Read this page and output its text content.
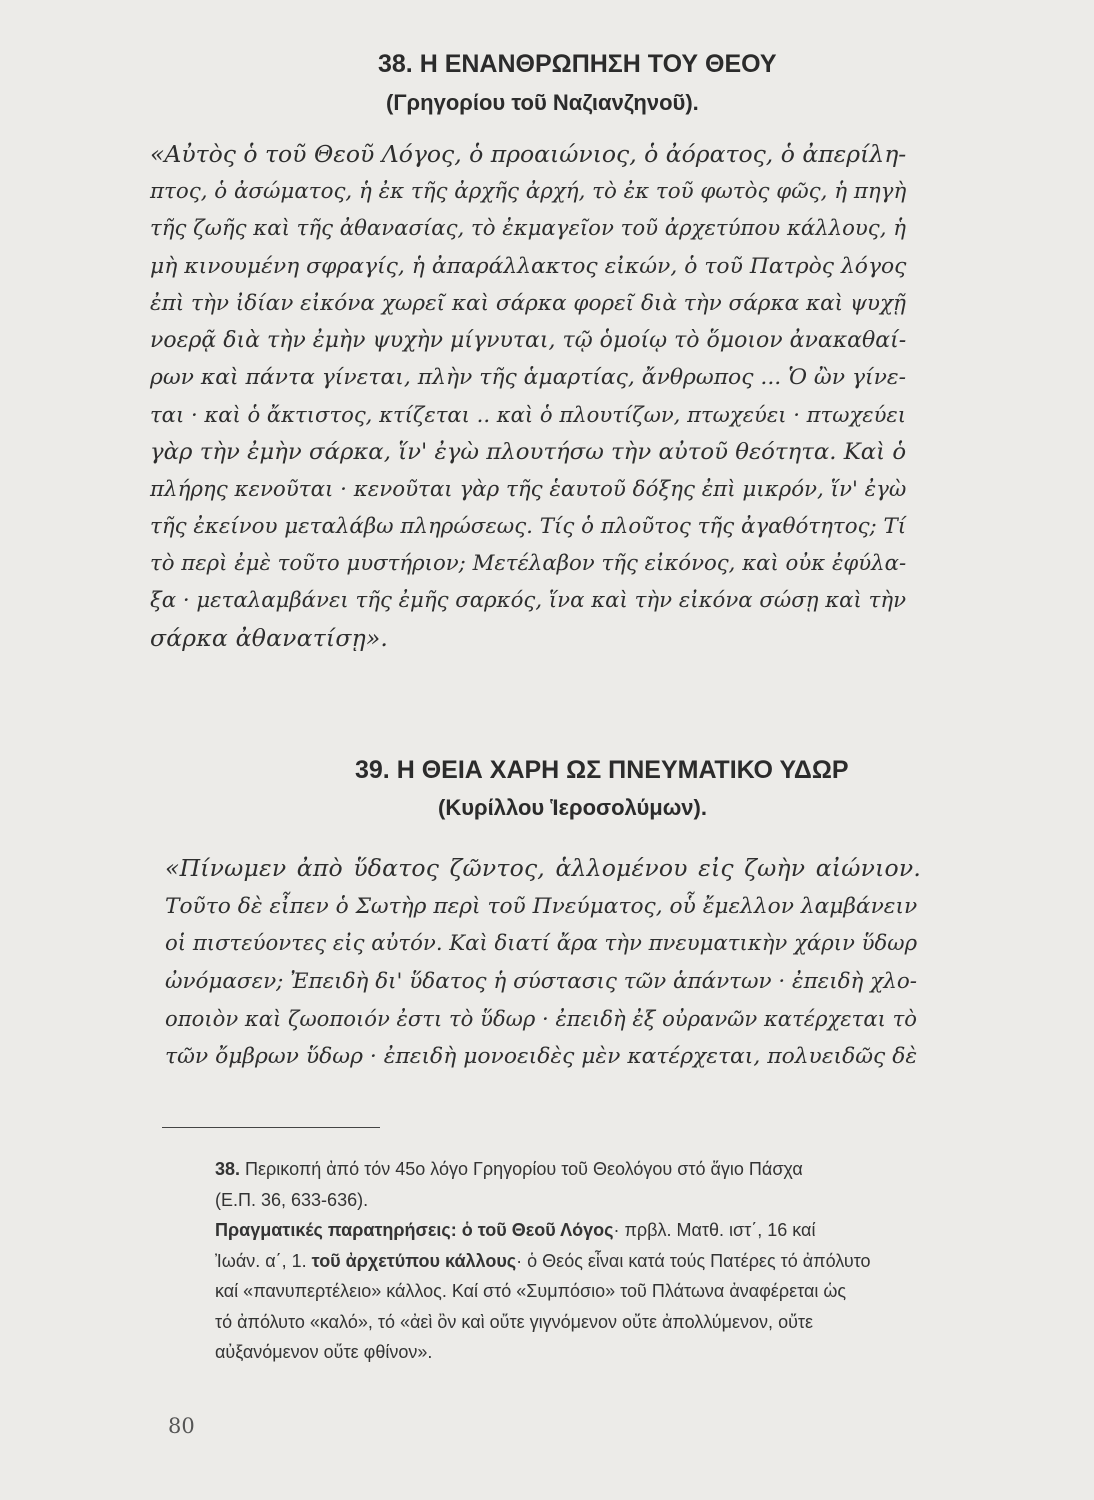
38. Η ΕΝΑΝΘΡΩΠΗΣΗ ΤΟΥ ΘΕΟΥ
(Γρηγορίου τοῦ Ναζιανζηνοῦ).
«Αὐτὸς ὁ τοῦ Θεοῦ Λόγος, ὁ προαιώνιος, ὁ ἀόρατος, ὁ ἀπερίλη-
πτος, ὁ ἀσώματος, ἡ ἐκ τῆς ἀρχῆς ἀρχή, τὸ ἐκ τοῦ φωτὸς φῶς, ἡ πηγὴ
τῆς ζωῆς καὶ τῆς ἀθανασίας, τὸ ἐκμαγεῖον τοῦ ἀρχετύπου κάλλους, ἡ
μὴ κινουμένη σφραγίς, ἡ ἀπαράλλακτος εἰκών, ὁ τοῦ Πατρὸς λόγος
ἐπὶ τὴν ἰδίαν εἰκόνα χωρεῖ καὶ σάρκα φορεῖ διὰ τὴν σάρκα καὶ ψυχῇ
νοερᾷ διὰ τὴν ἐμὴν ψυχὴν μίγνυται, τῷ ὁμοίῳ τὸ ὅμοιον ἀνακαθαί-
ρων καὶ πάντα γίνεται, πλὴν τῆς ἁμαρτίας, ἄνθρωπος ... Ὁ ὢν γίνε-
ται · καὶ ὁ ἄκτιστος, κτίζεται .. καὶ ὁ πλουτίζων, πτωχεύει · πτωχεύει
γὰρ τὴν ἐμὴν σάρκα, ἵν' ἐγὼ πλουτήσω τὴν αὐτοῦ θεότητα. Καὶ ὁ
πλήρης κενοῦται · κενοῦται γὰρ τῆς ἑαυτοῦ δόξης ἐπὶ μικρόν, ἵν' ἐγὼ
τῆς ἐκείνου μεταλάβω πληρώσεως. Τίς ὁ πλοῦτος τῆς ἀγαθότητος; Τί
τὸ περὶ ἐμὲ τοῦτο μυστήριον; Μετέλαβον τῆς εἰκόνος, καὶ οὐκ ἐφύλα-
ξα · μεταλαμβάνει τῆς ἐμῆς σαρκός, ἵνα καὶ τὴν εἰκόνα σώσῃ καὶ τὴν
σάρκα ἀθανατίσῃ».
39. Η ΘΕΙΑ ΧΑΡΗ ΩΣ ΠΝΕΥΜΑΤΙΚΟ ΥΔΩΡ
(Κυρίλλου Ἱεροσολύμων).
«Πίνωμεν ἀπὸ ὕδατος ζῶντος, ἁλλομένου εἰς ζωὴν αἰώνιον.
Τοῦτο δὲ εἶπεν ὁ Σωτὴρ περὶ τοῦ Πνεύματος, οὗ ἔμελλον λαμβάνειν
οἱ πιστεύοντες εἰς αὐτόν. Καὶ διατί ἄρα τὴν πνευματικὴν χάριν ὕδωρ
ὠνόμασεν; Ἐπειδὴ δι' ὕδατος ἡ σύστασις τῶν ἁπάντων · ἐπειδὴ χλο-
οποιὸν καὶ ζωοποιόν ἐστι τὸ ὕδωρ · ἐπειδὴ ἐξ οὐρανῶν κατέρχεται τὸ
τῶν ὄμβρων ὕδωρ · ἐπειδὴ μονοειδὲς μὲν κατέρχεται, πολυειδῶς δὲ
38. Περικοπή ἀπό τόν 45ο λόγο Γρηγορίου τοῦ Θεολόγου στό ἅγιο Πάσχα
(Ε.Π. 36, 633-636).
Πραγματικές παρατηρήσεις: ὁ τοῦ Θεοῦ Λόγος· πρβλ. Ματθ. ιστ΄, 16 καί
Ἰωάν. α΄, 1. τοῦ ἀρχετύπου κάλλους· ὁ Θεός εἶναι κατά τούς Πατέρες τό ἀπόλυτο
καί «πανυπερτέλειο» κάλλος. Καί στό «Συμπόσιο» τοῦ Πλάτωνα ἀναφέρεται ὡς
τό ἀπόλυτο «καλό», τό «ἀεὶ ὂν καὶ οὔτε γιγνόμενον οὔτε ἀπολλύμενον, οὔτε
αὐξανόμενον οὔτε φθίνον».
80
